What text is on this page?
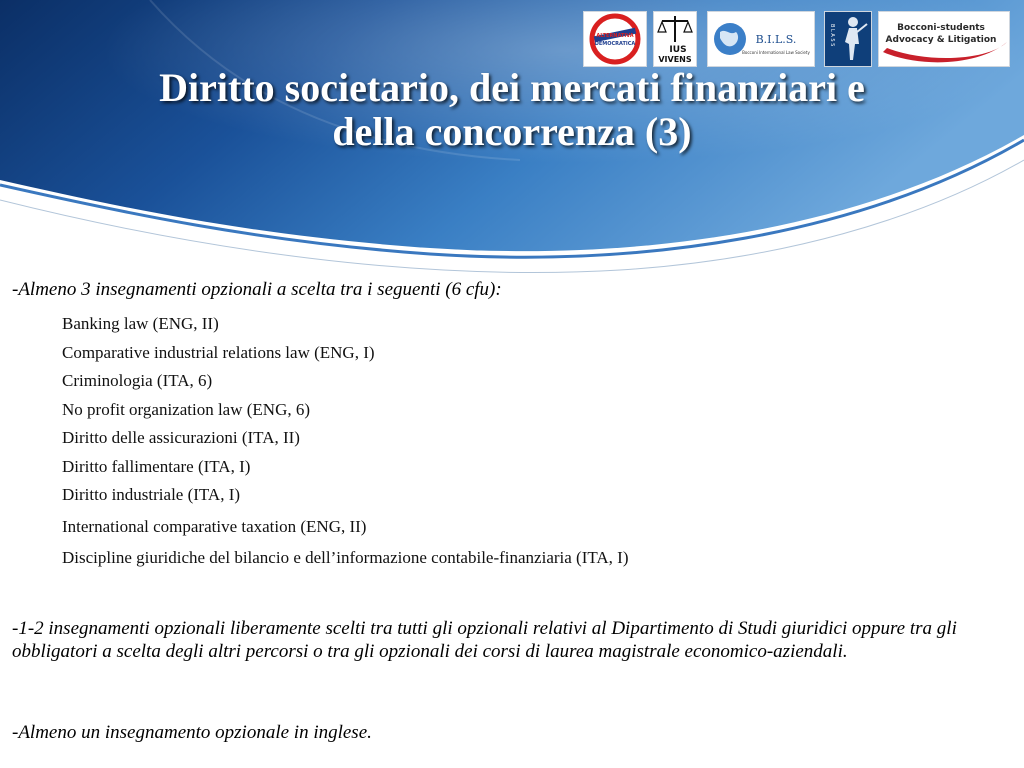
ALTERNATIVA
DEMOCRATICA
IUS
VIVENS
B.I.L.S.
Bocconi International Law Society
B L A S S	Bocconi-students
Advocacy & Litigation
Diritto societario, dei mercati finanziari e
della concorrenza (3)

-Almeno 3 insegnamenti opzionali a scelta tra i seguenti (6 cfu):

Banking law (ENG, II)

Comparative industrial relations law (ENG, I)

Criminologia (ITA, 6)

No profit organization law (ENG, 6)

Diritto delle assicurazioni (ITA, II)

Diritto fallimentare (ITA, I)

Diritto industriale (ITA, I)

International comparative taxation (ENG, II)

Discipline giuridiche del bilancio e dell’informazione contabile-finanziaria (ITA, I)

-1-2 insegnamenti opzionali liberamente scelti tra tutti gli opzionali relativi al Dipartimento di Studi giuridici oppure tra gli obbligatori a scelta degli altri percorsi o tra gli opzionali dei corsi di laurea magistrale economico-aziendali.

-Almeno un insegnamento opzionale in inglese.
